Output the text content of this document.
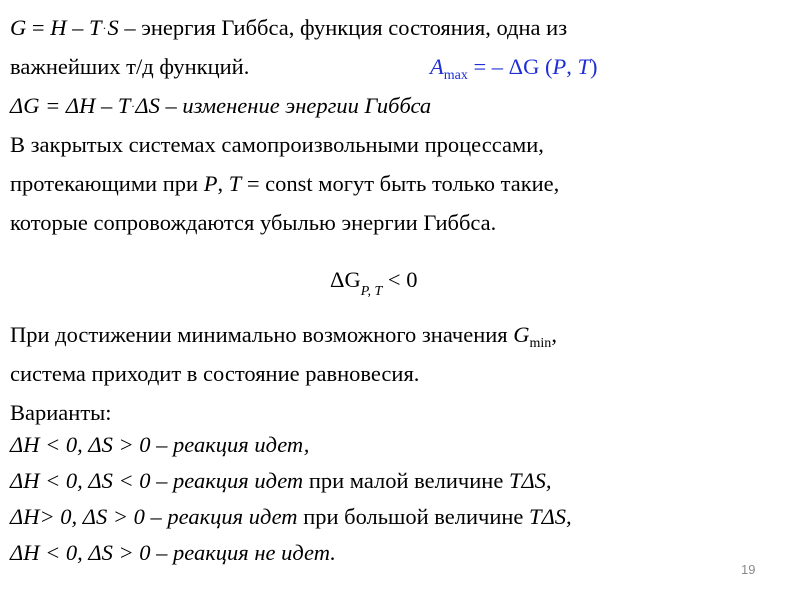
G = H – T·S – энергия Гиббса, функция состояния, одна из
важнейших т/д функций.	$A_{max}$ = – ΔG (P, T)
ΔG = ΔH – T·ΔS – изменение энергии Гиббса
В закрытых системах самопроизвольными процессами,
протекающими при P, T = const могут быть только такие,
которые сопровождаются убылью энергии Гиббса.
$\Delta G_{P, T} < 0$
При достижении минимально возможного значения $G_{min}$,
система приходит в состояние равновесия.
Варианты:
ΔH < 0, ΔS > 0 – реакция идет,
ΔH < 0, ΔS < 0 – реакция идет при малой величине TΔS,
ΔH> 0, ΔS > 0 – реакция идет при большой величине TΔS,
ΔH < 0, ΔS > 0 – реакция не идет.
19
